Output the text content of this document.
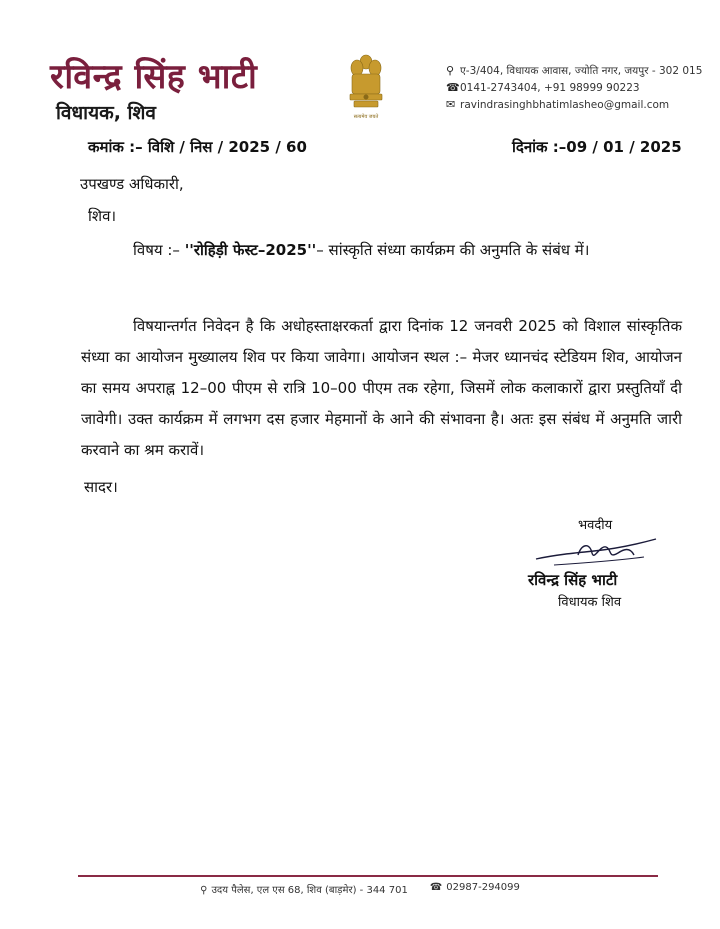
रविन्द्र सिंह भाटी
विधायक, शिव	सत्यमेव जयते
⚲ ए-3/404, विधायक आवास, ज्योति नगर, जयपुर - 302 015
☎ 0141-2743404, +91 98999 90223
✉ ravindrasinghbhatimlasheo@gmail.com
कमांक :– विशि / निस / 2025 / 60	दिनांक :–09 / 01 / 2025
उपखण्ड अधिकारी,
शिव।
विषय :– ''रोहिड़ी फेस्ट–2025''– सांस्कृति संध्या कार्यक्रम की अनुमति के संबंध में।
विषयान्तर्गत निवेदन है कि अधोहस्ताक्षरकर्ता द्वारा दिनांक 12 जनवरी 2025 को विशाल सांस्कृतिक संध्या का आयोजन मुख्यालय शिव पर किया जावेगा। आयोजन स्थल :– मेजर ध्यानचंद स्टेडियम शिव, आयोजन का समय अपराह्न 12–00 पीएम से रात्रि 10–00 पीएम तक रहेगा, जिसमें लोक कलाकारों द्वारा प्रस्तुतियाँ दी जावेगी। उक्त कार्यक्रम में लगभग दस हजार मेहमानों के आने की संभावना है। अतः इस संबंध में अनुमति जारी करवाने का श्रम करावें।
सादर।
भवदीय
रविन्द्र सिंह भाटी
विधायक शिव
⚲ उदय पैलेस, एल एस 68, शिव (बाड़मेर) - 344 701 ☎ 02987-294099
